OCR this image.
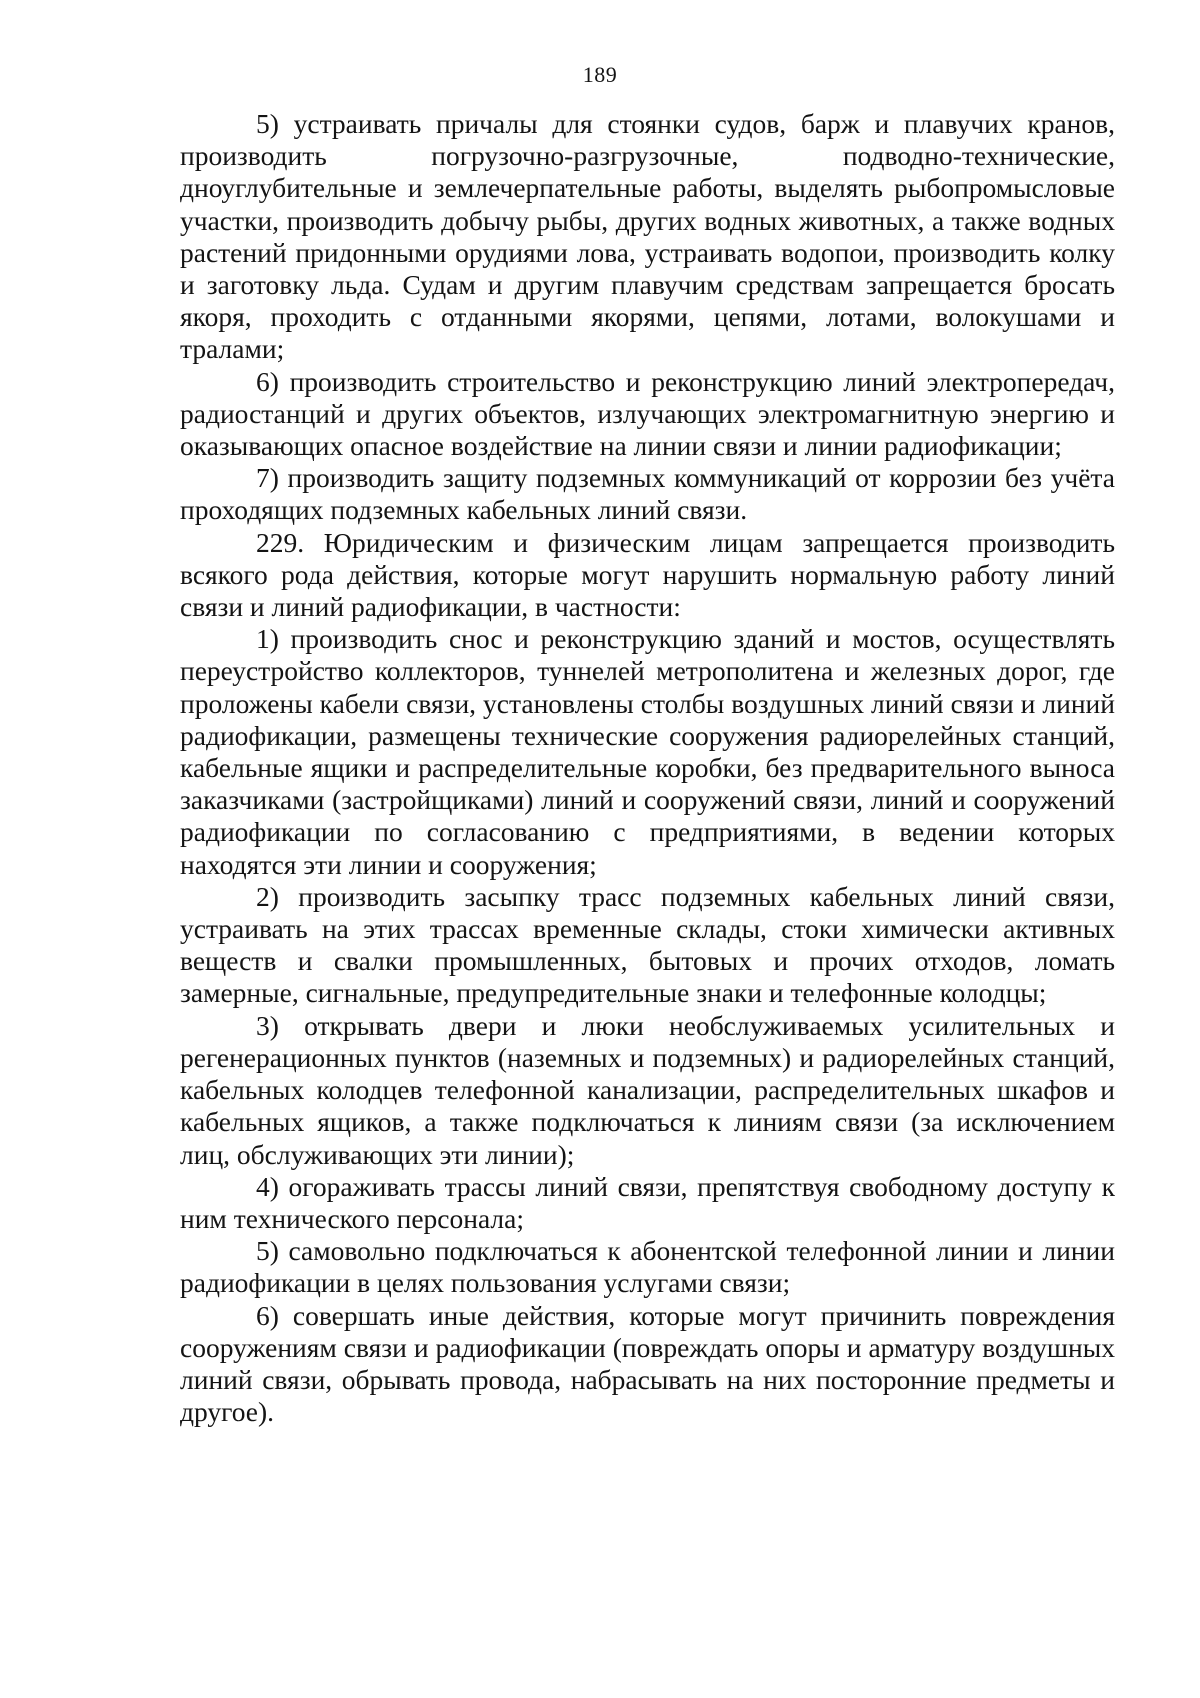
189

5) устраивать причалы для стоянки судов, барж и плавучих кранов, производить погрузочно-разгрузочные, подводно-технические, дноуглубительные и землечерпательные работы, выделять рыбопромысловые участки, производить добычу рыбы, других водных животных, а также водных растений придонными орудиями лова, устраивать водопои, производить колку и заготовку льда. Судам и другим плавучим средствам запрещается бросать якоря, проходить с отданными якорями, цепями, лотами, волокушами и тралами;

6) производить строительство и реконструкцию линий электропередач, радиостанций и других объектов, излучающих электромагнитную энергию и оказывающих опасное воздействие на линии связи и линии радиофикации;

7) производить защиту подземных коммуникаций от коррозии без учёта проходящих подземных кабельных линий связи.

229. Юридическим и физическим лицам запрещается производить всякого рода действия, которые могут нарушить нормальную работу линий связи и линий радиофикации, в частности:

1) производить снос и реконструкцию зданий и мостов, осуществлять переустройство коллекторов, туннелей метрополитена и железных дорог, где проложены кабели связи, установлены столбы воздушных линий связи и линий радиофикации, размещены технические сооружения радиорелейных станций, кабельные ящики и распределительные коробки, без предварительного выноса заказчиками (застройщиками) линий и сооружений связи, линий и сооружений радиофикации по согласованию с предприятиями, в ведении которых находятся эти линии и сооружения;

2) производить засыпку трасс подземных кабельных линий связи, устраивать на этих трассах временные склады, стоки химически активных веществ и свалки промышленных, бытовых и прочих отходов, ломать замерные, сигнальные, предупредительные знаки и телефонные колодцы;

3) открывать двери и люки необслуживаемых усилительных и регенерационных пунктов (наземных и подземных) и радиорелейных станций, кабельных колодцев телефонной канализации, распределительных шкафов и кабельных ящиков, а также подключаться к линиям связи (за исключением лиц, обслуживающих эти линии);

4) огораживать трассы линий связи, препятствуя свободному доступу к ним технического персонала;

5) самовольно подключаться к абонентской телефонной линии и линии радиофикации в целях пользования услугами связи;

6) совершать иные действия, которые могут причинить повреждения сооружениям связи и радиофикации (повреждать опоры и арматуру воздушных линий связи, обрывать провода, набрасывать на них посторонние предметы и другое).
